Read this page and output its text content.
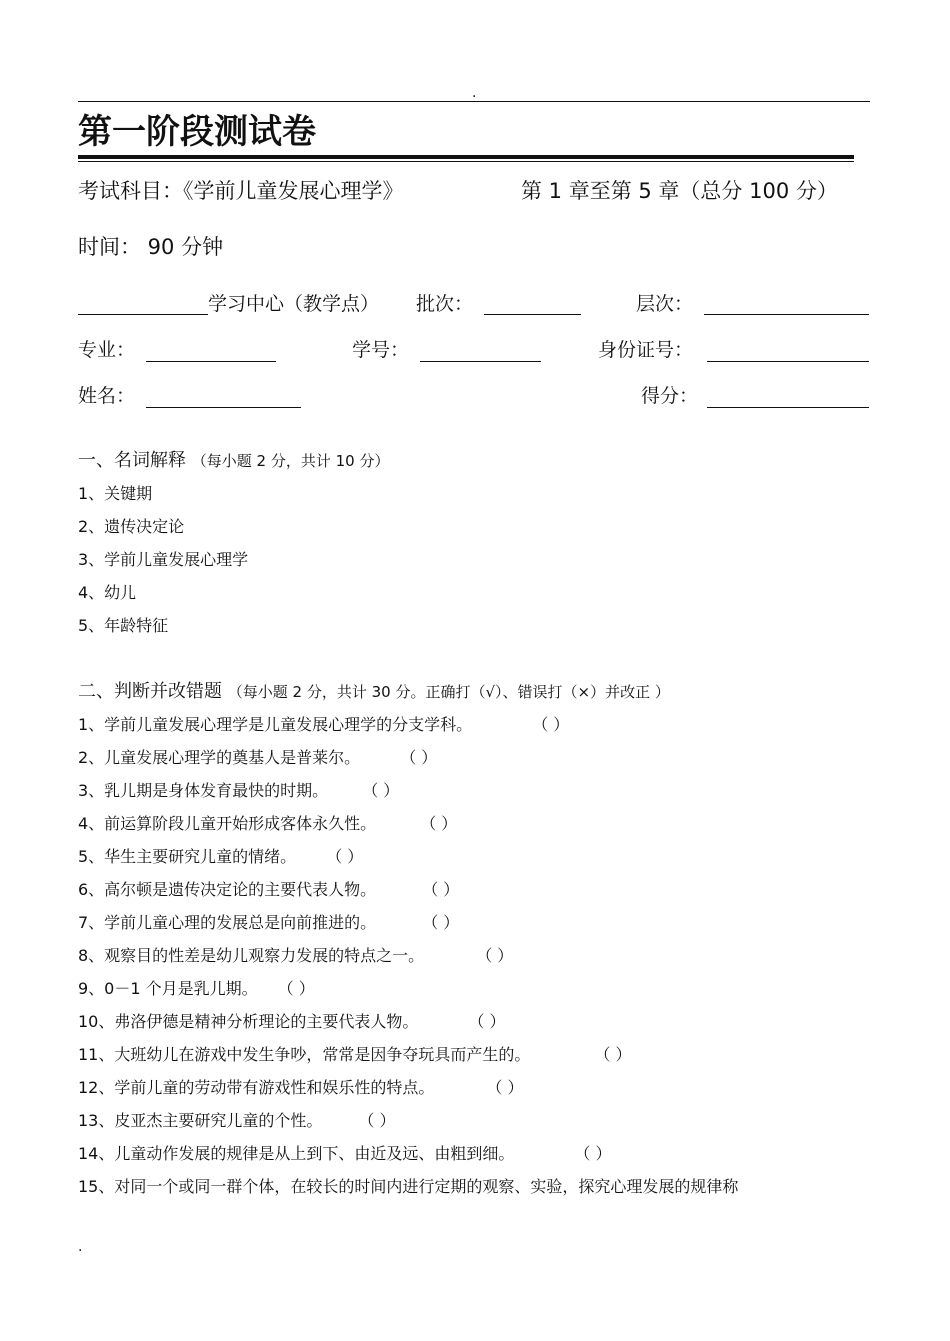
.
第一阶段测试卷
考试科目：《学前儿童发展心理学》	第 1 章至第 5 章（总分 100 分）
时间： 90 分钟
学习中心（教学点） 批次：	层次：
专业：	学号：	身份证号：
姓名：	得分：
一、名词解释 （每小题 2 分，共计 10 分）
1、关键期
2、遗传决定论
3、学前儿童发展心理学
4、幼儿
5、年龄特征
二、判断并改错题 （每小题 2 分，共计 30 分。正确打（√）、错误打（×）并改正 ）
1、学前儿童发展心理学是儿童发展心理学的分支学科。	（ ）
2、儿童发展心理学的奠基人是普莱尔。	（ ）
3、乳儿期是身体发育最快的时期。 （ ）
4、前运算阶段儿童开始形成客体永久性。	（ ）
5、华生主要研究儿童的情绪。 （ ）
6、高尔顿是遗传决定论的主要代表人物。	（ ）
7、学前儿童心理的发展总是向前推进的。	（ ）
8、观察目的性差是幼儿观察力发展的特点之一。	（ ）
9、0－1 个月是乳儿期。 （ ）
10、弗洛伊德是精神分析理论的主要代表人物。	（ ）
11、大班幼儿在游戏中发生争吵，常常是因争夺玩具而产生的。	（ ）
12、学前儿童的劳动带有游戏性和娱乐性的特点。	（ ）
13、皮亚杰主要研究儿童的个性。 （ ）
14、儿童动作发展的规律是从上到下、由近及远、由粗到细。	（ ）
15、对同一个或同一群个体，在较长的时间内进行定期的观察、实验，探究心理发展的规律称
.
